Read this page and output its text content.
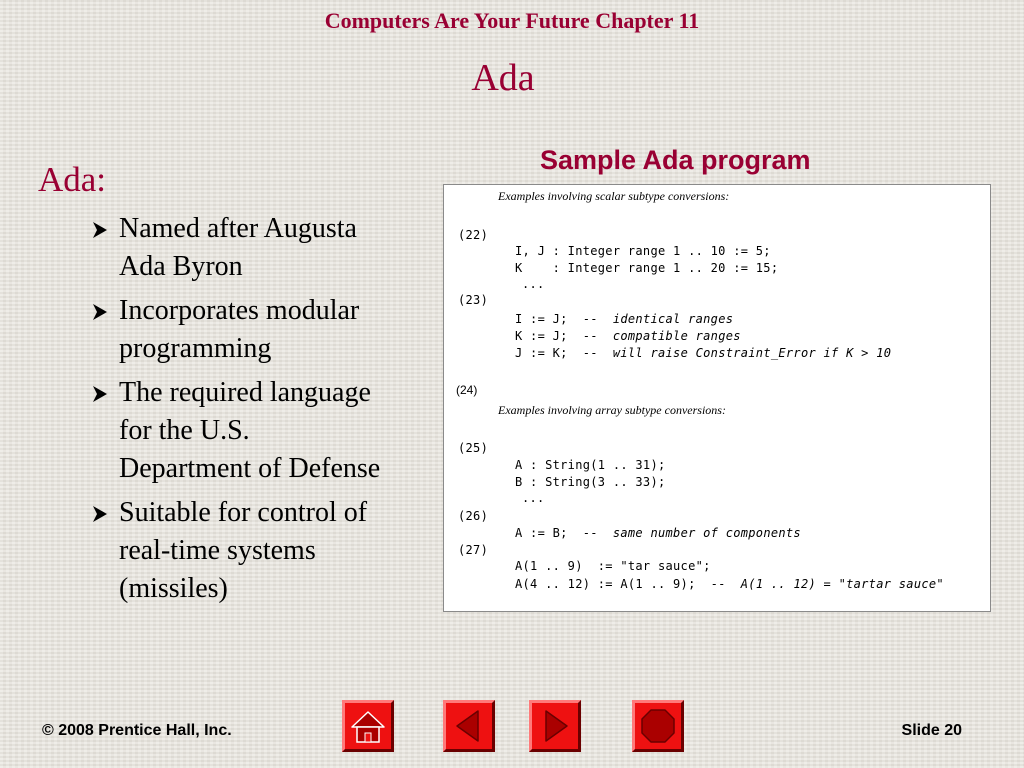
Computers Are Your Future Chapter 11
Ada
Sample Ada program
Ada:
Named after Augusta
Ada Byron
Incorporates modular
programming
The required language
for the U.S.
Department of Defense
Suitable for control of
real-time systems
(missiles)
Examples involving scalar subtype conversions:
(22)
I, J : Integer range 1 .. 10 := 5;
K    : Integer range 1 .. 20 := 15;
...
(23)
I := J;  -- identical ranges
K := J;  -- compatible ranges
J := K;  -- will raise Constraint_Error if K > 10
(24)
Examples involving array subtype conversions:
(25)
A : String(1 .. 31);
B : String(3 .. 33);
...
(26)
A := B;  -- same number of components
(27)
A(1 .. 9)  := "tar sauce";
A(4 .. 12) := A(1 .. 9);  -- A(1 .. 12) = "tartar sauce"
© 2008 Prentice Hall, Inc.	Slide 20
